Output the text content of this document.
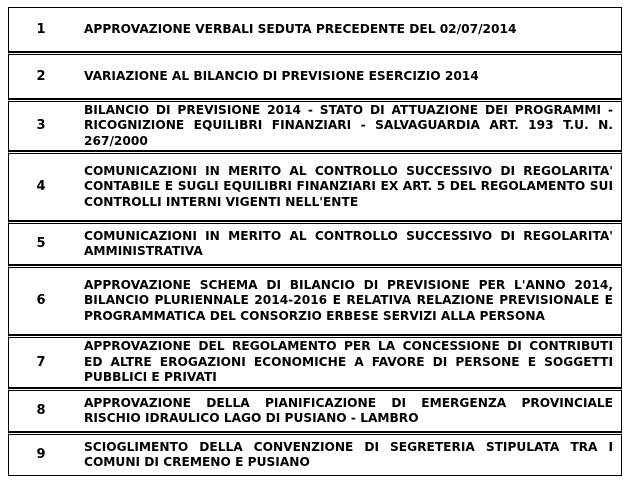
1	APPROVAZIONE VERBALI SEDUTA PRECEDENTE DEL 02/07/2014
2	VARIAZIONE AL BILANCIO DI PREVISIONE ESERCIZIO 2014
3	BILANCIO DI PREVISIONE 2014 - STATO DI ATTUAZIONE DEI PROGRAMMI - RICOGNIZIONE EQUILIBRI FINANZIARI - SALVAGUARDIA ART. 193 T.U. N. 267/2000
4	COMUNICAZIONI IN MERITO AL CONTROLLO SUCCESSIVO DI REGOLARITA' CONTABILE E SUGLI EQUILIBRI FINANZIARI EX ART. 5 DEL REGOLAMENTO SUI CONTROLLI INTERNI VIGENTI NELL'ENTE
5	COMUNICAZIONI IN MERITO AL CONTROLLO SUCCESSIVO DI REGOLARITA' AMMINISTRATIVA
6	APPROVAZIONE SCHEMA DI BILANCIO DI PREVISIONE PER L'ANNO 2014, BILANCIO PLURIENNALE 2014-2016 E RELATIVA RELAZIONE PREVISIONALE E PROGRAMMATICA DEL CONSORZIO ERBESE SERVIZI ALLA PERSONA
7	APPROVAZIONE DEL REGOLAMENTO PER LA CONCESSIONE DI CONTRIBUTI ED ALTRE EROGAZIONI ECONOMICHE A FAVORE DI PERSONE E SOGGETTI PUBBLICI E PRIVATI
8	APPROVAZIONE DELLA PIANIFICAZIONE DI EMERGENZA PROVINCIALE RISCHIO IDRAULICO LAGO DI PUSIANO - LAMBRO
9	SCIOGLIMENTO DELLA CONVENZIONE DI SEGRETERIA STIPULATA TRA I COMUNI DI CREMENO E PUSIANO
